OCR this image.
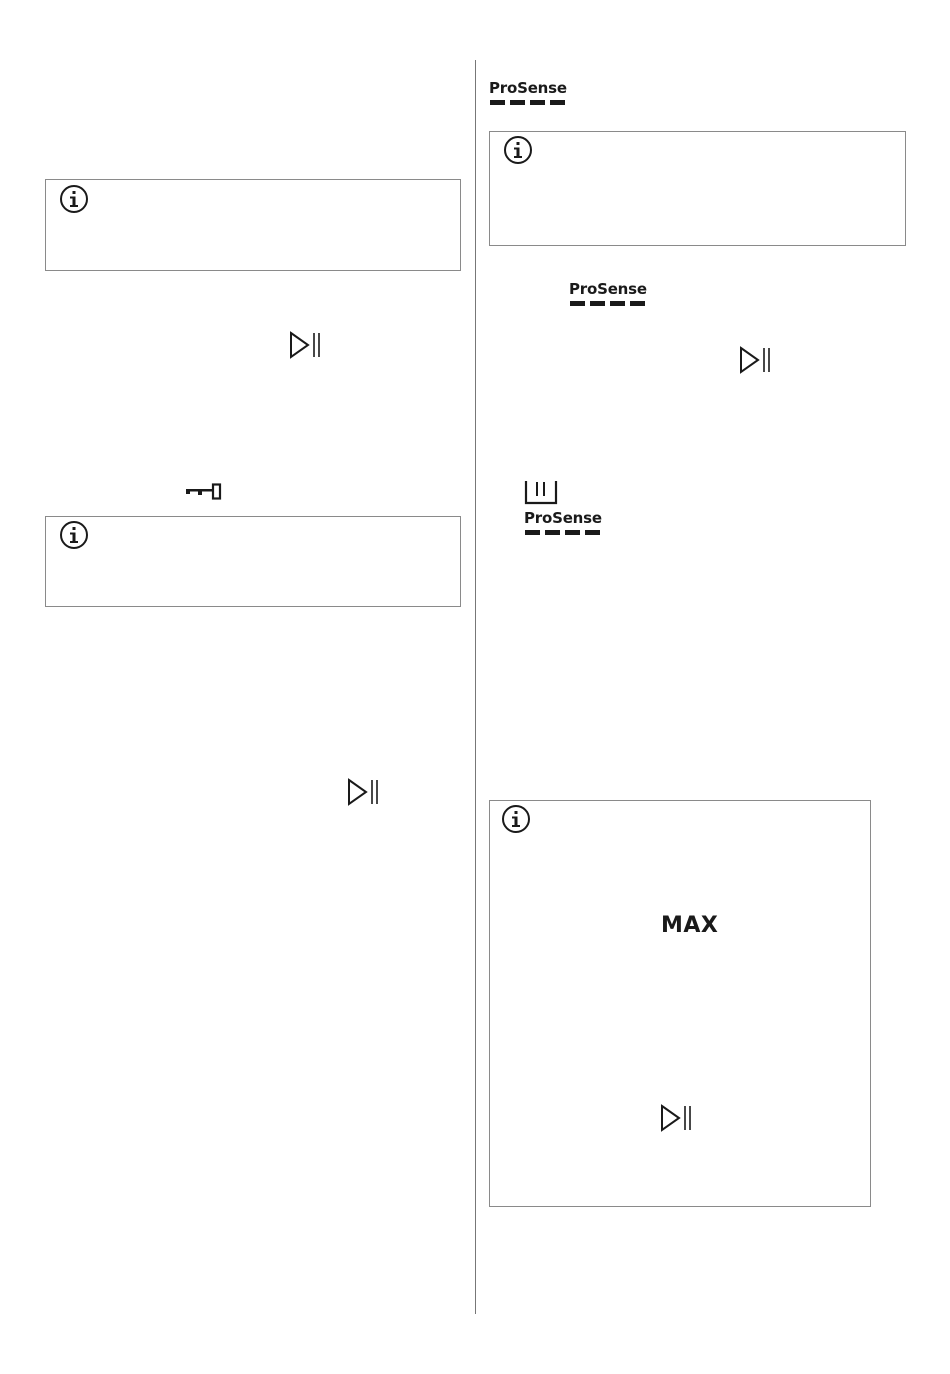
ProSense
ProSense
ProSense
MAX
